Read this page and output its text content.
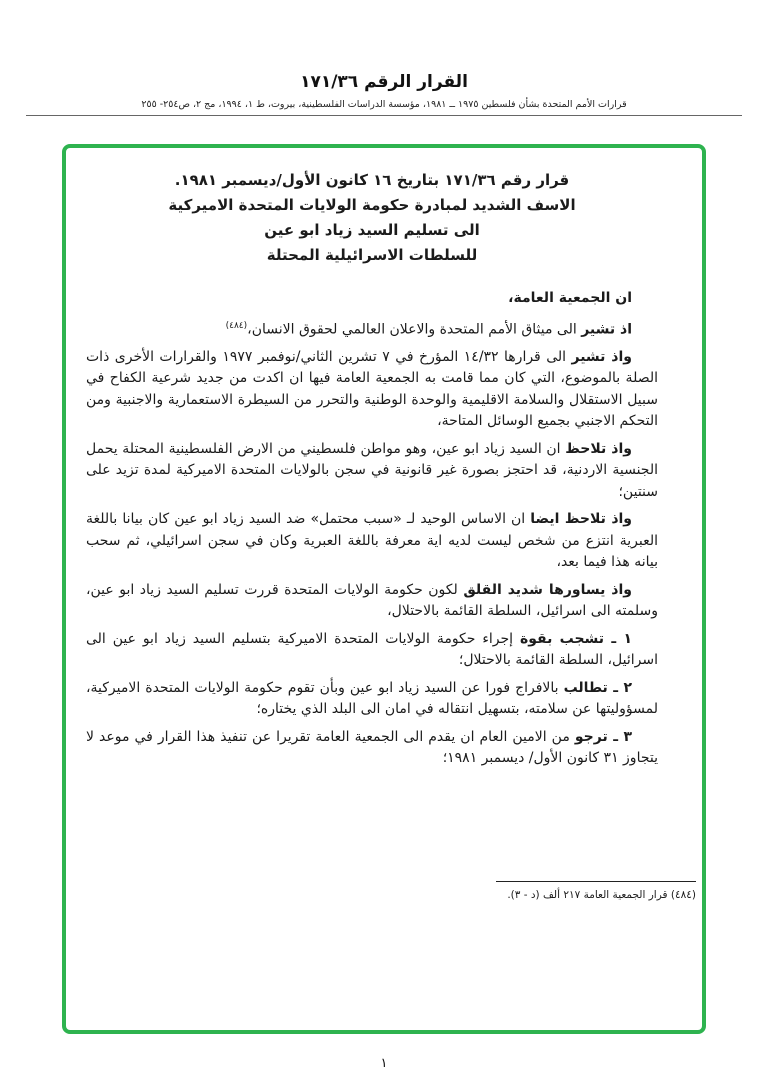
القرار الرقم ١٧١/٣٦
قرارات الأمم المتحدة بشأن فلسطين ١٩٧٥ ــ ١٩٨١، مؤسسة الدراسات الفلسطينية، بيروت، ط ١، ١٩٩٤، مج ٢، ص٢٥٤- ٢٥٥
قرار رقم ١٧١/٣٦ بتاريخ ١٦ كانون الأول/ديسمبر ١٩٨١.
الاسف الشديد لمبادرة حكومة الولايات المتحدة الاميركية
الى تسليم السيد زياد ابو عين
للسلطات الاسرائيلية المحتلة

ان الجمعية العامة،

اذ تشير الى ميثاق الأمم المتحدة والاعلان العالمي لحقوق الانسان،$^{(٤٨٤)}$

واذ تشير الى قرارها ١٤/٣٢ المؤرخ في ٧ تشرين الثاني/نوفمبر ١٩٧٧ والقرارات الأخرى ذات الصلة بالموضوع، التي كان مما قامت به الجمعية العامة فيها ان اكدت من جديد شرعية الكفاح في سبيل الاستقلال والسلامة الاقليمية والوحدة الوطنية والتحرر من السيطرة الاستعمارية والاجنبية ومن التحكم الاجنبي بجميع الوسائل المتاحة،

واذ تلاحظ ان السيد زياد ابو عين، وهو مواطن فلسطيني من الارض الفلسطينية المحتلة يحمل الجنسية الاردنية، قد احتجز بصورة غير قانونية في سجن بالولايات المتحدة الاميركية لمدة تزيد على سنتين؛

واذ تلاحظ ايضا ان الاساس الوحيد لـ «سبب محتمل» ضد السيد زياد ابو عين كان بيانا باللغة العبرية انتزع من شخص ليست لديه اية معرفة باللغة العبرية وكان في سجن اسرائيلي، ثم سحب بيانه هذا فيما بعد،

واذ يساورها شديد القلق لكون حكومة الولايات المتحدة قررت تسليم السيد زياد ابو عين، وسلمته الى اسرائيل، السلطة القائمة بالاحتلال،

١ ـ تشجب بقوة إجراء حكومة الولايات المتحدة الاميركية بتسليم السيد زياد ابو عين الى اسرائيل، السلطة القائمة بالاحتلال؛

٢ ـ تطالب بالافراج فورا عن السيد زياد ابو عين وبأن تقوم حكومة الولايات المتحدة الاميركية، لمسؤوليتها عن سلامته، بتسهيل انتقاله في امان الى البلد الذي يختاره؛

٣ ـ ترجو من الامين العام ان يقدم الى الجمعية العامة تقريرا عن تنفيذ هذا القرار في موعد لا يتجاوز ٣١ كانون الأول/ ديسمبر ١٩٨١؛

(٤٨٤) قرار الجمعية العامة ٢١٧ ألف (د - ٣).
١
